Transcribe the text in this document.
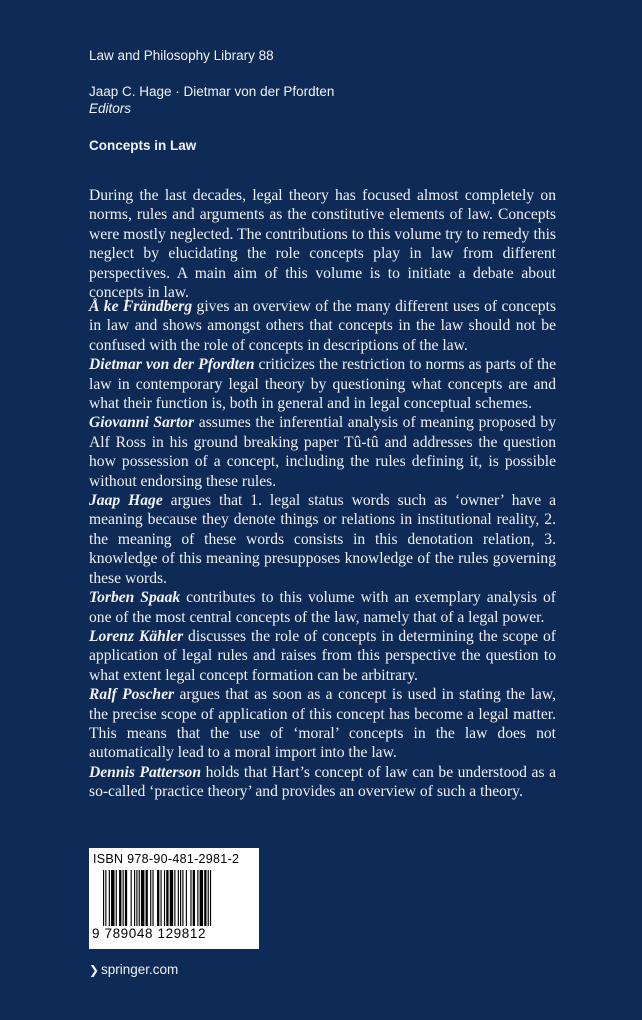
Law and Philosophy Library 88
Jaap C. Hage · Dietmar von der Pfordten
Editors
Concepts in Law

During the last decades, legal theory has focused almost completely on norms, rules and arguments as the constitutive elements of law. Concepts were mostly neglected. The contributions to this volume try to remedy this neglect by elucidating the role concepts play in law from different perspectives. A main aim of this volume is to initiate a debate about concepts in law.

Å ke Frändberg gives an overview of the many different uses of concepts in law and shows amongst others that concepts in the law should not be confused with the role of concepts in descriptions of the law.

Dietmar von der Pfordten criticizes the restriction to norms as parts of the law in contemporary legal theory by questioning what concepts are and what their function is, both in general and in legal conceptual schemes.

Giovanni Sartor assumes the inferential analysis of meaning proposed by Alf Ross in his ground breaking paper Tû-tû and addresses the question how possession of a concept, including the rules defining it, is possible without endorsing these rules.

Jaap Hage argues that 1. legal status words such as ‘owner’ have a meaning because they denote things or relations in institutional reality, 2. the meaning of these words consists in this denotation relation, 3. knowledge of this meaning presupposes knowledge of the rules governing these words.

Torben Spaak contributes to this volume with an exemplary analysis of one of the most central concepts of the law, namely that of a legal power.

Lorenz Kähler discusses the role of concepts in determining the scope of application of legal rules and raises from this perspective the question to what extent legal concept formation can be arbitrary.

Ralf Poscher argues that as soon as a concept is used in stating the law, the precise scope of application of this concept has become a legal matter. This means that the use of ‘moral’ concepts in the law does not automatically lead to a moral import into the law.

Dennis Patterson holds that Hart’s concept of law can be understood as a so-called ‘practice theory’ and provides an overview of such a theory.

ISBN 978-90-481-2981-2
9 789048 129812
❯ springer.com
